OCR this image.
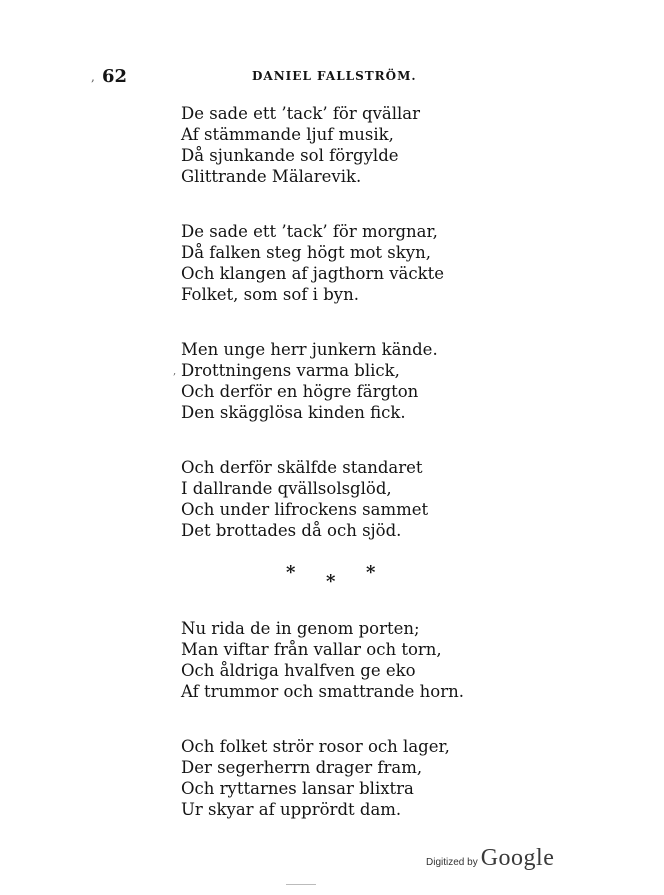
, 62	DANIEL FALLSTRÖM.
De sade ett ’tack’ för qvällar
Af stämmande ljuf musik,
Då sjunkande sol förgylde
Glittrande Mälarevik.
De sade ett ’tack’ för morgnar,
Då falken steg högt mot skyn,
Och klangen af jagthorn väckte
Folket, som sof i byn.
,
Men unge herr junkern kände.
Drottningens varma blick,
Och derför en högre färgton
Den skägglösa kinden fick.
Och derför skälfde standaret
I dallrande qvällsolsglöd,
Och under lifrockens sammet
Det brottades då och sjöd.
*	*
*
Nu rida de in genom porten;
Man viftar från vallar och torn,
Och åldriga hvalfven ge eko
Af trummor och smattrande horn.
Och folket strör rosor och lager,
Der segerherrn drager fram,
Och ryttarnes lansar blixtra
Ur skyar af upprördt dam.
Digitized by Google
